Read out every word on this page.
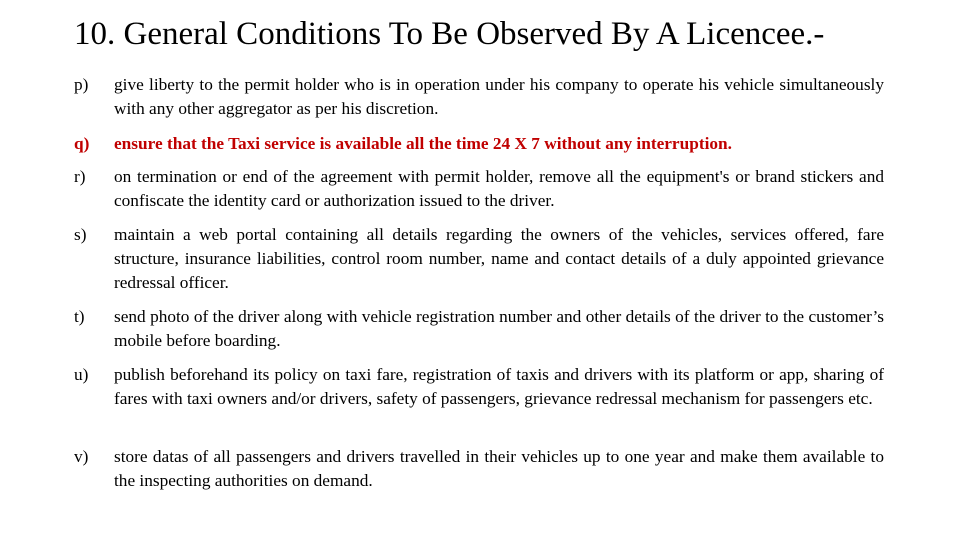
10. General Conditions To Be Observed By A Licencee.-
p)	give liberty to the permit holder who is in operation under his company to operate his vehicle simultaneously with any other aggregator as per his discretion.
q)	ensure that the Taxi service is available all the time 24 X 7 without any interruption.
r)	on termination or end of the agreement with permit holder, remove all the equipment's or brand stickers and confiscate the identity card or authorization issued to the driver.
s)	maintain a web portal containing all details regarding the owners of the vehicles, services offered, fare structure, insurance liabilities, control room number, name and contact details of a duly appointed grievance redressal officer.
t)	send photo of the driver along with vehicle registration number and other details of the driver to the customer’s mobile before boarding.
u)	publish beforehand its policy on taxi fare, registration of taxis and drivers with its platform or app, sharing of fares with taxi owners and/or drivers, safety of passengers, grievance redressal mechanism for passengers etc.
v)	store datas of all passengers and drivers travelled in their vehicles up to one year and make them available to the inspecting authorities on demand.
